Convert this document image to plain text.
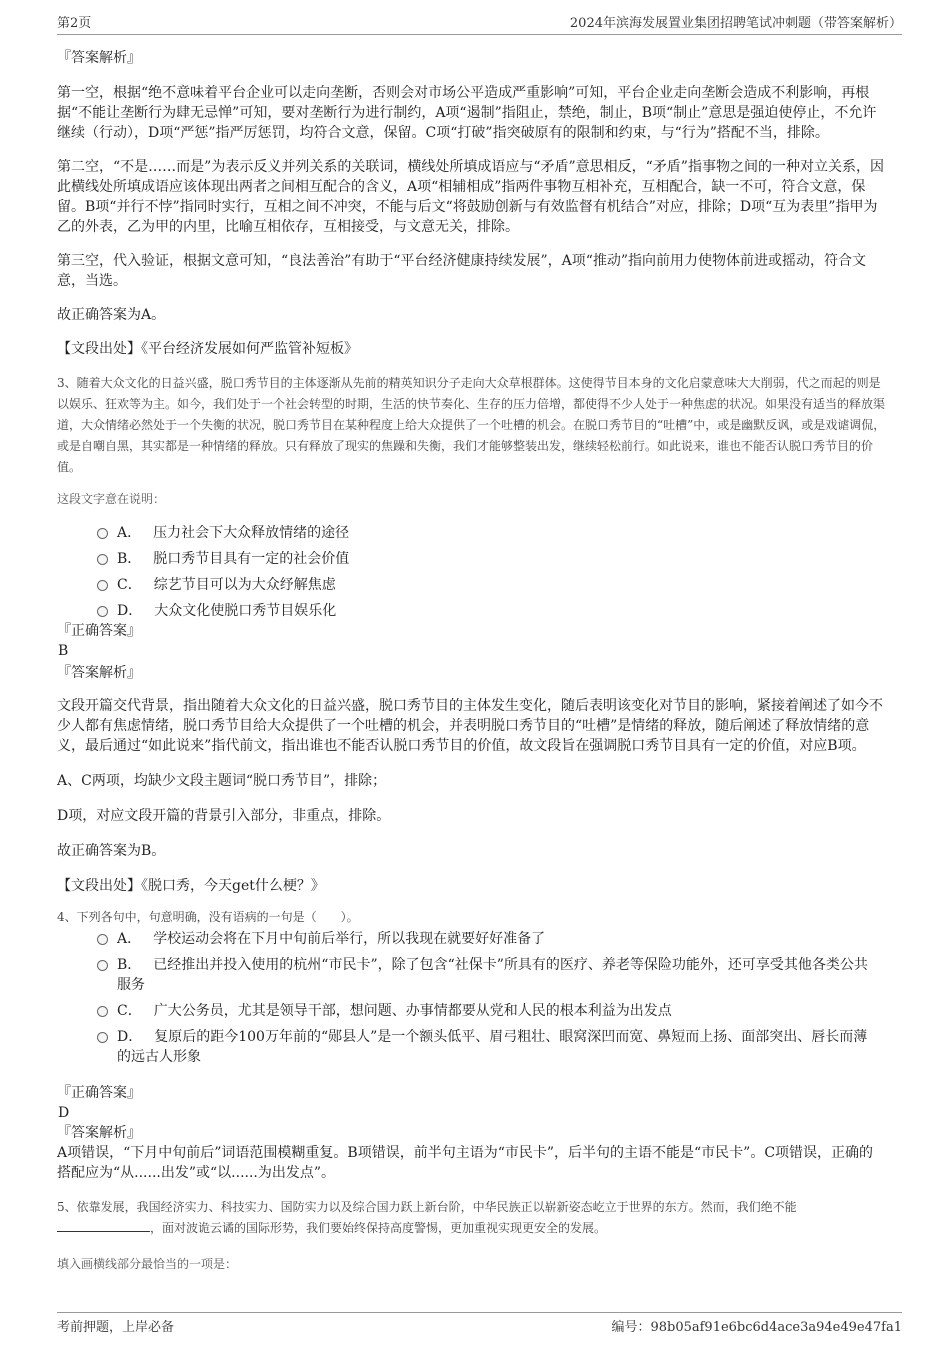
第2页	2024年滨海发展置业集团招聘笔试冲刺题（带答案解析）

『答案解析』

第一空，根据“绝不意味着平台企业可以走向垄断，否则会对市场公平造成严重影响”可知，平台企业走向垄断会造成不利影响，再根据“不能让垄断行为肆无忌惮”可知，要对垄断行为进行制约，A项“遏制”指阻止，禁绝，制止，B项“制止”意思是强迫使停止，不允许继续（行动），D项“严惩”指严厉惩罚，均符合文意，保留。C项“打破”指突破原有的限制和约束，与“行为”搭配不当，排除。

第二空，“不是……而是”为表示反义并列关系的关联词，横线处所填成语应与“矛盾”意思相反，“矛盾”指事物之间的一种对立关系，因此横线处所填成语应该体现出两者之间相互配合的含义，A项“相辅相成”指两件事物互相补充，互相配合，缺一不可，符合文意，保留。B项“并行不悖”指同时实行，互相之间不冲突，不能与后文“将鼓励创新与有效监督有机结合”对应，排除；D项“互为表里”指甲为乙的外表，乙为甲的内里，比喻互相依存，互相接受，与文意无关，排除。

第三空，代入验证，根据文意可知，“良法善治”有助于“平台经济健康持续发展”，A项“推动”指向前用力使物体前进或摇动，符合文意，当选。

故正确答案为A。

【文段出处】《平台经济发展如何严监管补短板》

3、随着大众文化的日益兴盛，脱口秀节目的主体逐渐从先前的精英知识分子走向大众草根群体。这使得节目本身的文化启蒙意味大大削弱，代之而起的则是以娱乐、狂欢等为主。如今，我们处于一个社会转型的时期，生活的快节奏化、生存的压力倍增，都使得不少人处于一种焦虑的状况。如果没有适当的释放渠道，大众情绪必然处于一个失衡的状况，脱口秀节目在某种程度上给大众提供了一个吐槽的机会。在脱口秀节目的“吐槽”中，或是幽默反讽，或是戏谑调侃，或是自嘲自黑，其实都是一种情绪的释放。只有释放了现实的焦躁和失衡，我们才能够整装出发，继续轻松前行。如此说来，谁也不能否认脱口秀节目的价值。

这段文字意在说明：

A． 压力社会下大众释放情绪的途径
B． 脱口秀节目具有一定的社会价值
C． 综艺节目可以为大众纾解焦虑
D． 大众文化使脱口秀节目娱乐化

『正确答案』

B

『答案解析』

文段开篇交代背景，指出随着大众文化的日益兴盛，脱口秀节目的主体发生变化，随后表明该变化对节目的影响，紧接着阐述了如今不少人都有焦虑情绪，脱口秀节目给大众提供了一个吐槽的机会，并表明脱口秀节目的“吐槽”是情绪的释放，随后阐述了释放情绪的意义，最后通过“如此说来”指代前文，指出谁也不能否认脱口秀节目的价值，故文段旨在强调脱口秀节目具有一定的价值，对应B项。

A、C两项，均缺少文段主题词“脱口秀节目”，排除；

D项，对应文段开篇的背景引入部分，非重点，排除。

故正确答案为B。

【文段出处】《脱口秀，今天get什么梗？》

4、下列各句中，句意明确，没有语病的一句是（　　）。

A． 学校运动会将在下月中旬前后举行，所以我现在就要好好准备了
B． 已经推出并投入使用的杭州“市民卡”，除了包含“社保卡”所具有的医疗、养老等保险功能外，还可享受其他各类公共服务
C． 广大公务员，尤其是领导干部，想问题、办事情都要从党和人民的根本利益为出发点
D． 复原后的距今100万年前的“郧县人”是一个额头低平、眉弓粗壮、眼窝深凹而宽、鼻短而上扬、面部突出、唇长而薄的远古人形象

『正确答案』

D

『答案解析』

A项错误，“下月中旬前后”词语范围模糊重复。B项错误，前半句主语为“市民卡”，后半句的主语不能是“市民卡”。C项错误，正确的搭配应为“从......出发”或“以......为出发点”。

5、依靠发展，我国经济实力、科技实力、国防实力以及综合国力跃上新台阶，中华民族正以崭新姿态屹立于世界的东方。然而，我们绝不能，面对波诡云谲的国际形势，我们要始终保持高度警惕，更加重视实现更安全的发展。

填入画横线部分最恰当的一项是：

考前押题，上岸必备	编号：98b05af91e6bc6d4ace3a94e49e47fa1
